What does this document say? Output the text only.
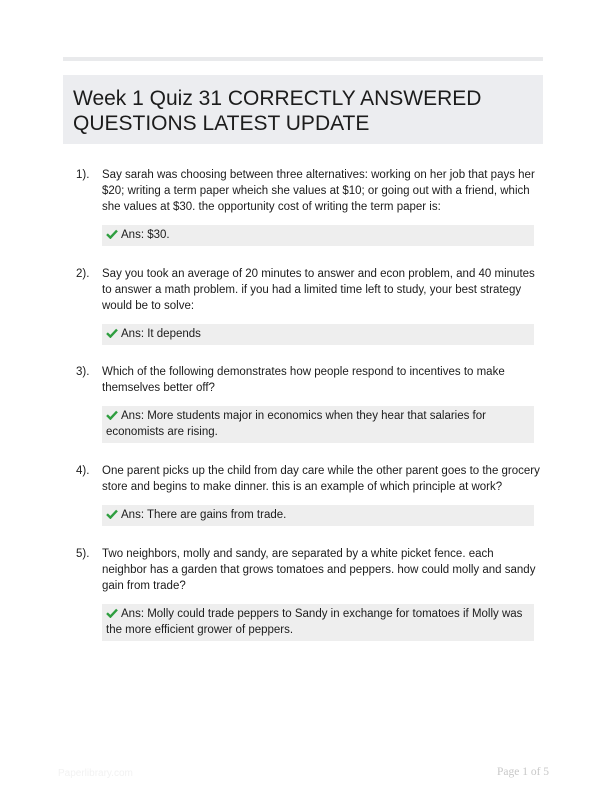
Week 1 Quiz 31 CORRECTLY ANSWERED QUESTIONS LATEST UPDATE
1). Say sarah was choosing between three alternatives: working on her job that pays her $20; writing a term paper wheich she values at $10; or going out with a friend, which she values at $30. the opportunity cost of writing the term paper is:
Ans: $30.
2). Say you took an average of 20 minutes to answer and econ problem, and 40 minutes to answer a math problem. if you had a limited time left to study, your best strategy would be to solve:
Ans: It depends
3). Which of the following demonstrates how people respond to incentives to make themselves better off?
Ans: More students major in economics when they hear that salaries for economists are rising.
4). One parent picks up the child from day care while the other parent goes to the grocery store and begins to make dinner. this is an example of which principle at work?
Ans: There are gains from trade.
5). Two neighbors, molly and sandy, are separated by a white picket fence. each neighbor has a garden that grows tomatoes and peppers. how could molly and sandy gain from trade?
Ans: Molly could trade peppers to Sandy in exchange for tomatoes if Molly was the more efficient grower of peppers.
Paperlibrary.com	Page 1 of 5
